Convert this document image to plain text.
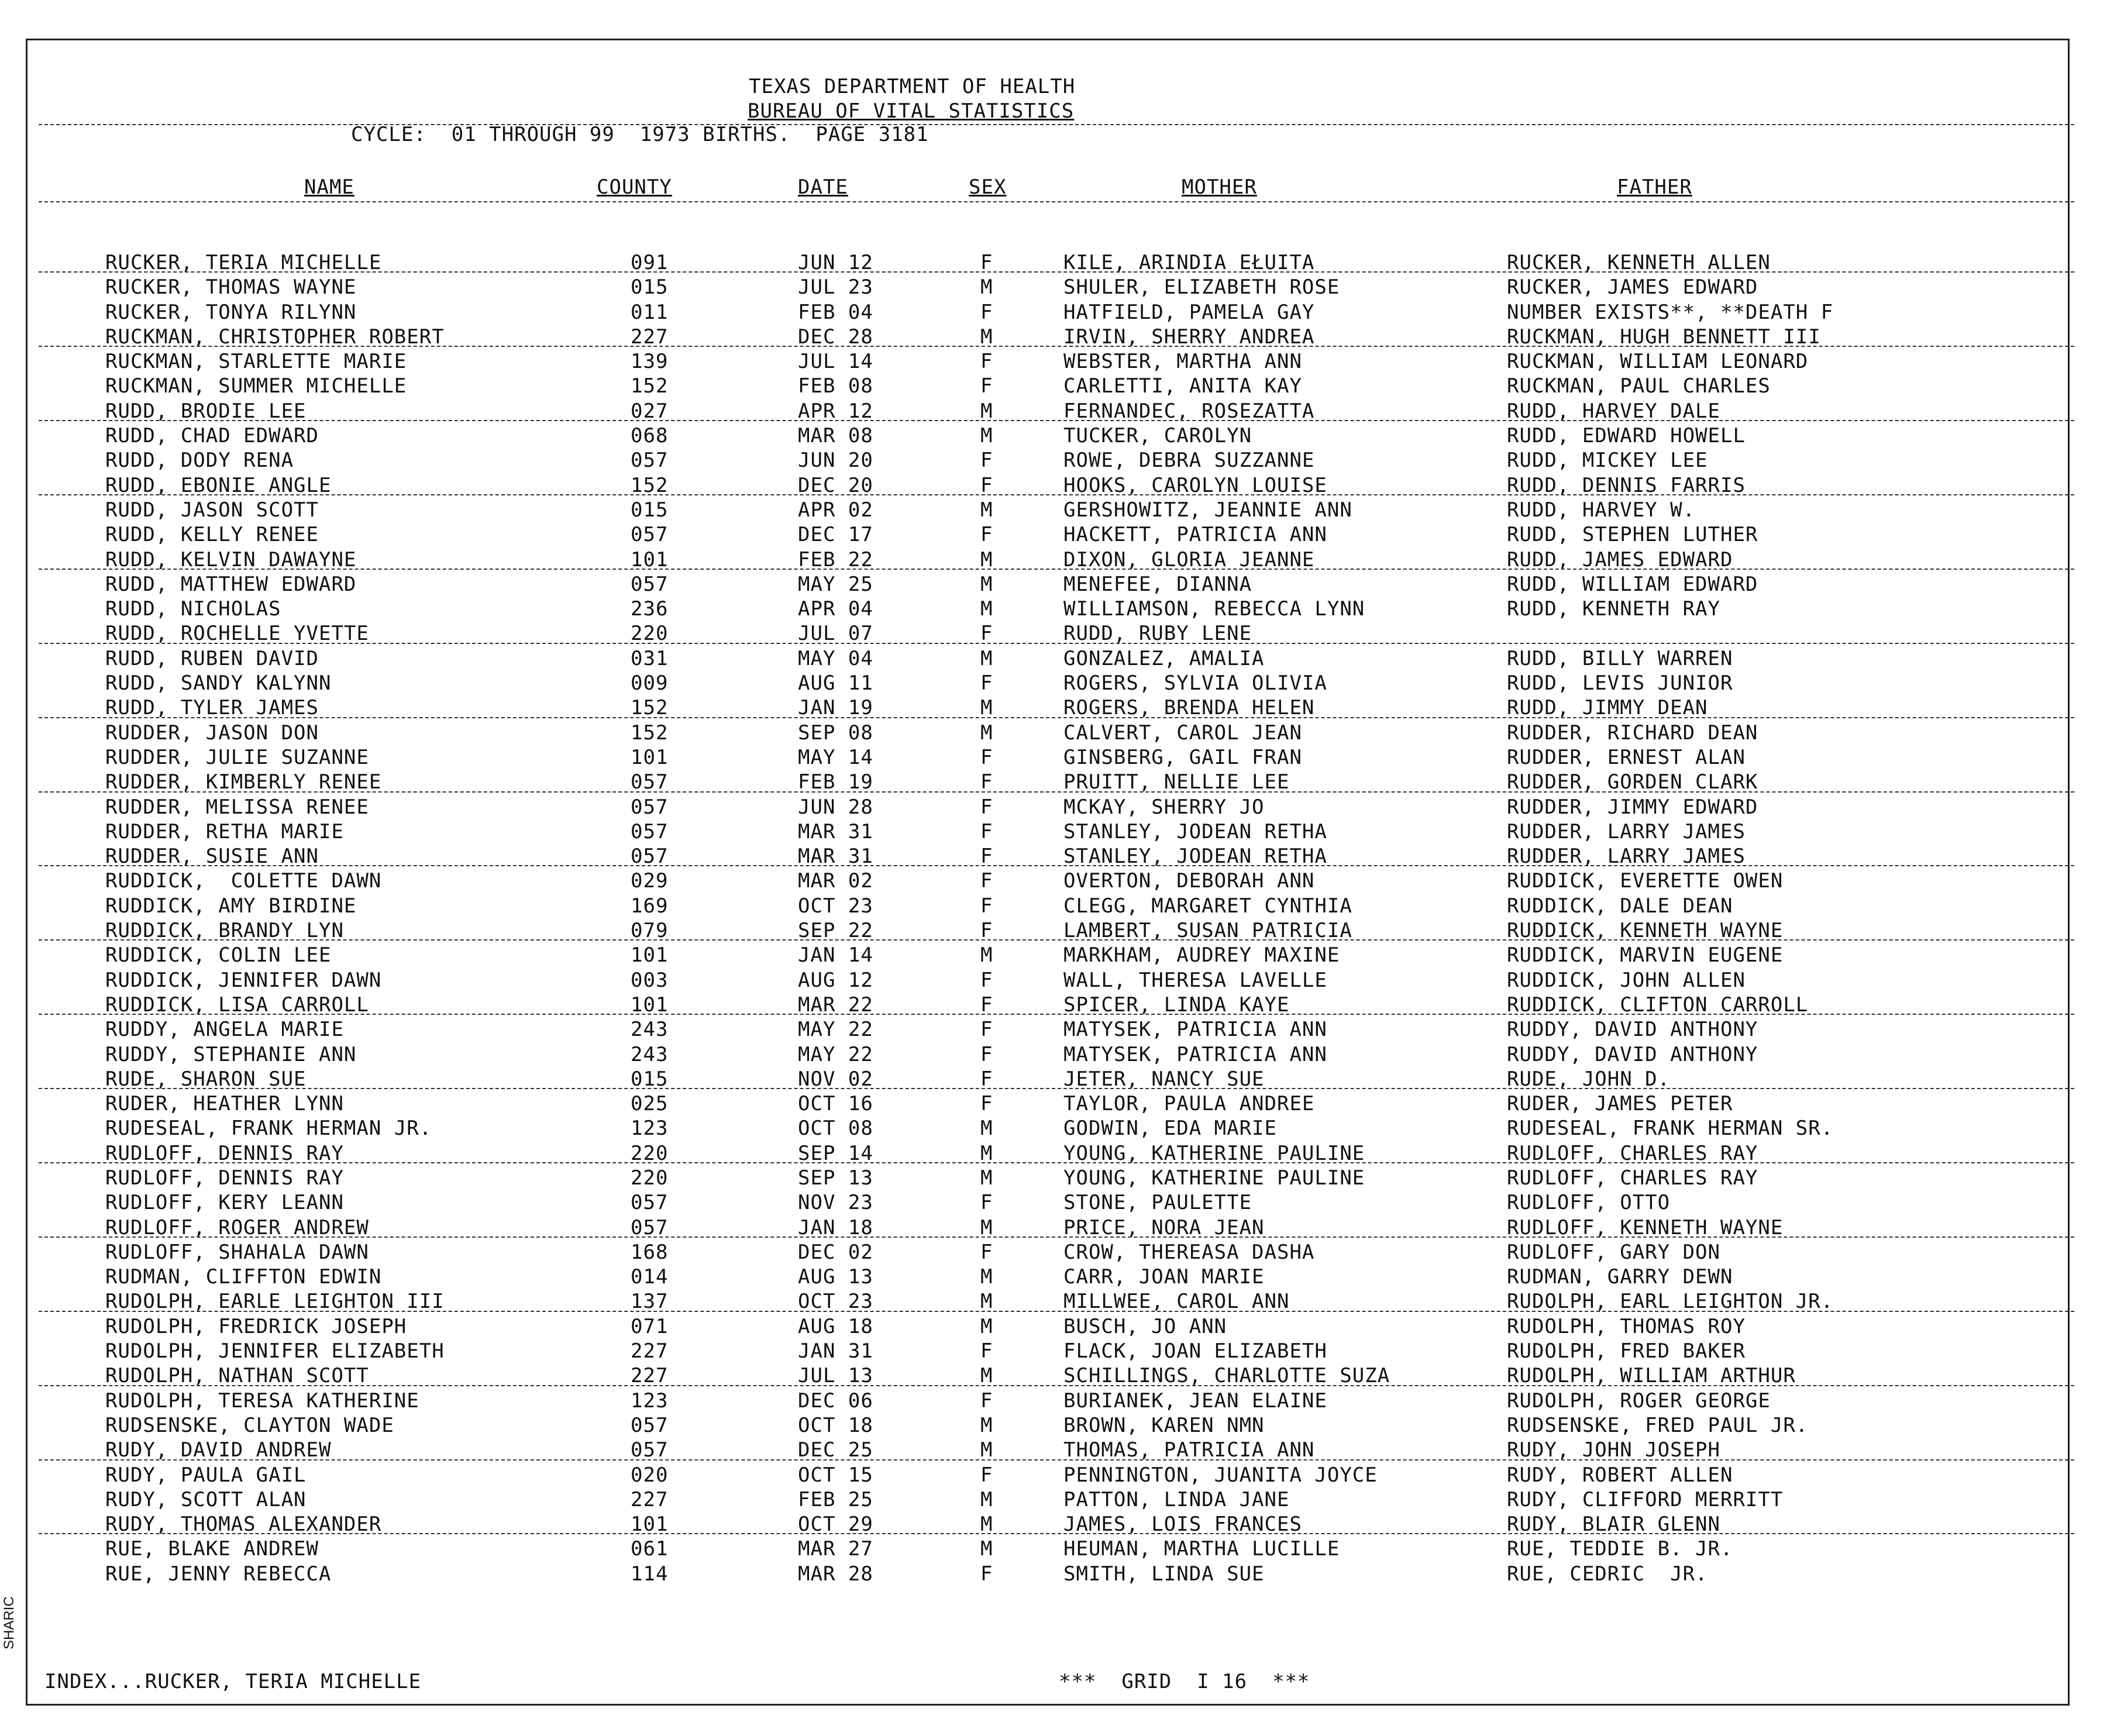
TEXAS DEPARTMENT OF HEALTH
BUREAU OF VITAL STATISTICS
CYCLE:  01 THROUGH 99  1973 BIRTHS.  PAGE 3181
NAME	COUNTY	DATE	SEX	MOTHER	FATHER
RUCKER, TERIA MICHELLE	091	JUN 12	F	KILE, ARINDIA EŁUITA	RUCKER, KENNETH ALLEN
RUCKER, THOMAS WAYNE	015	JUL 23	M	SHULER, ELIZABETH ROSE	RUCKER, JAMES EDWARD
RUCKER, TONYA RILYNN	011	FEB 04	F	HATFIELD, PAMELA GAY	NUMBER EXISTS**, **DEATH F
RUCKMAN, CHRISTOPHER ROBERT	227	DEC 28	M	IRVIN, SHERRY ANDREA	RUCKMAN, HUGH BENNETT III
RUCKMAN, STARLETTE MARIE	139	JUL 14	F	WEBSTER, MARTHA ANN	RUCKMAN, WILLIAM LEONARD
RUCKMAN, SUMMER MICHELLE	152	FEB 08	F	CARLETTI, ANITA KAY	RUCKMAN, PAUL CHARLES
RUDD, BRODIE LEE	027	APR 12	M	FERNANDEC, ROSEZATTA	RUDD, HARVEY DALE
RUDD, CHAD EDWARD	068	MAR 08	M	TUCKER, CAROLYN	RUDD, EDWARD HOWELL
RUDD, DODY RENA	057	JUN 20	F	ROWE, DEBRA SUZZANNE	RUDD, MICKEY LEE
RUDD, EBONIE ANGLE	152	DEC 20	F	HOOKS, CAROLYN LOUISE	RUDD, DENNIS FARRIS
RUDD, JASON SCOTT	015	APR 02	M	GERSHOWITZ, JEANNIE ANN	RUDD, HARVEY W.
RUDD, KELLY RENEE	057	DEC 17	F	HACKETT, PATRICIA ANN	RUDD, STEPHEN LUTHER
RUDD, KELVIN DAWAYNE	101	FEB 22	M	DIXON, GLORIA JEANNE	RUDD, JAMES EDWARD
RUDD, MATTHEW EDWARD	057	MAY 25	M	MENEFEE, DIANNA	RUDD, WILLIAM EDWARD
RUDD, NICHOLAS	236	APR 04	M	WILLIAMSON, REBECCA LYNN	RUDD, KENNETH RAY
RUDD, ROCHELLE YVETTE	220	JUL 07	F	RUDD, RUBY LENE
RUDD, RUBEN DAVID	031	MAY 04	M	GONZALEZ, AMALIA	RUDD, BILLY WARREN
RUDD, SANDY KALYNN	009	AUG 11	F	ROGERS, SYLVIA OLIVIA	RUDD, LEVIS JUNIOR
RUDD, TYLER JAMES	152	JAN 19	M	ROGERS, BRENDA HELEN	RUDD, JIMMY DEAN
RUDDER, JASON DON	152	SEP 08	M	CALVERT, CAROL JEAN	RUDDER, RICHARD DEAN
RUDDER, JULIE SUZANNE	101	MAY 14	F	GINSBERG, GAIL FRAN	RUDDER, ERNEST ALAN
RUDDER, KIMBERLY RENEE	057	FEB 19	F	PRUITT, NELLIE LEE	RUDDER, GORDEN CLARK
RUDDER, MELISSA RENEE	057	JUN 28	F	MCKAY, SHERRY JO	RUDDER, JIMMY EDWARD
RUDDER, RETHA MARIE	057	MAR 31	F	STANLEY, JODEAN RETHA	RUDDER, LARRY JAMES
RUDDER, SUSIE ANN	057	MAR 31	F	STANLEY, JODEAN RETHA	RUDDER, LARRY JAMES
RUDDICK,  COLETTE DAWN	029	MAR 02	F	OVERTON, DEBORAH ANN	RUDDICK, EVERETTE OWEN
RUDDICK, AMY BIRDINE	169	OCT 23	F	CLEGG, MARGARET CYNTHIA	RUDDICK, DALE DEAN
RUDDICK, BRANDY LYN	079	SEP 22	F	LAMBERT, SUSAN PATRICIA	RUDDICK, KENNETH WAYNE
RUDDICK, COLIN LEE	101	JAN 14	M	MARKHAM, AUDREY MAXINE	RUDDICK, MARVIN EUGENE
RUDDICK, JENNIFER DAWN	003	AUG 12	F	WALL, THERESA LAVELLE	RUDDICK, JOHN ALLEN
RUDDICK, LISA CARROLL	101	MAR 22	F	SPICER, LINDA KAYE	RUDDICK, CLIFTON CARROLL
RUDDY, ANGELA MARIE	243	MAY 22	F	MATYSEK, PATRICIA ANN	RUDDY, DAVID ANTHONY
RUDDY, STEPHANIE ANN	243	MAY 22	F	MATYSEK, PATRICIA ANN	RUDDY, DAVID ANTHONY
RUDE, SHARON SUE	015	NOV 02	F	JETER, NANCY SUE	RUDE, JOHN D.
RUDER, HEATHER LYNN	025	OCT 16	F	TAYLOR, PAULA ANDREE	RUDER, JAMES PETER
RUDESEAL, FRANK HERMAN JR.	123	OCT 08	M	GODWIN, EDA MARIE	RUDESEAL, FRANK HERMAN SR.
RUDLOFF, DENNIS RAY	220	SEP 14	M	YOUNG, KATHERINE PAULINE	RUDLOFF, CHARLES RAY
RUDLOFF, DENNIS RAY	220	SEP 13	M	YOUNG, KATHERINE PAULINE	RUDLOFF, CHARLES RAY
RUDLOFF, KERY LEANN	057	NOV 23	F	STONE, PAULETTE	RUDLOFF, OTTO
RUDLOFF, ROGER ANDREW	057	JAN 18	M	PRICE, NORA JEAN	RUDLOFF, KENNETH WAYNE
RUDLOFF, SHAHALA DAWN	168	DEC 02	F	CROW, THEREASA DASHA	RUDLOFF, GARY DON
RUDMAN, CLIFFTON EDWIN	014	AUG 13	M	CARR, JOAN MARIE	RUDMAN, GARRY DEWN
RUDOLPH, EARLE LEIGHTON III	137	OCT 23	M	MILLWEE, CAROL ANN	RUDOLPH, EARL LEIGHTON JR.
RUDOLPH, FREDRICK JOSEPH	071	AUG 18	M	BUSCH, JO ANN	RUDOLPH, THOMAS ROY
RUDOLPH, JENNIFER ELIZABETH	227	JAN 31	F	FLACK, JOAN ELIZABETH	RUDOLPH, FRED BAKER
RUDOLPH, NATHAN SCOTT	227	JUL 13	M	SCHILLINGS, CHARLOTTE SUZA	RUDOLPH, WILLIAM ARTHUR
RUDOLPH, TERESA KATHERINE	123	DEC 06	F	BURIANEK, JEAN ELAINE	RUDOLPH, ROGER GEORGE
RUDSENSKE, CLAYTON WADE	057	OCT 18	M	BROWN, KAREN NMN	RUDSENSKE, FRED PAUL JR.
RUDY, DAVID ANDREW	057	DEC 25	M	THOMAS, PATRICIA ANN	RUDY, JOHN JOSEPH
RUDY, PAULA GAIL	020	OCT 15	F	PENNINGTON, JUANITA JOYCE	RUDY, ROBERT ALLEN
RUDY, SCOTT ALAN	227	FEB 25	M	PATTON, LINDA JANE	RUDY, CLIFFORD MERRITT
RUDY, THOMAS ALEXANDER	101	OCT 29	M	JAMES, LOIS FRANCES	RUDY, BLAIR GLENN
RUE, BLAKE ANDREW	061	MAR 27	M	HEUMAN, MARTHA LUCILLE	RUE, TEDDIE B. JR.
RUE, JENNY REBECCA	114	MAR 28	F	SMITH, LINDA SUE	RUE, CEDRIC  JR.
INDEX...RUCKER, TERIA MICHELLE	***  GRID  I 16  ***
SHARIC
